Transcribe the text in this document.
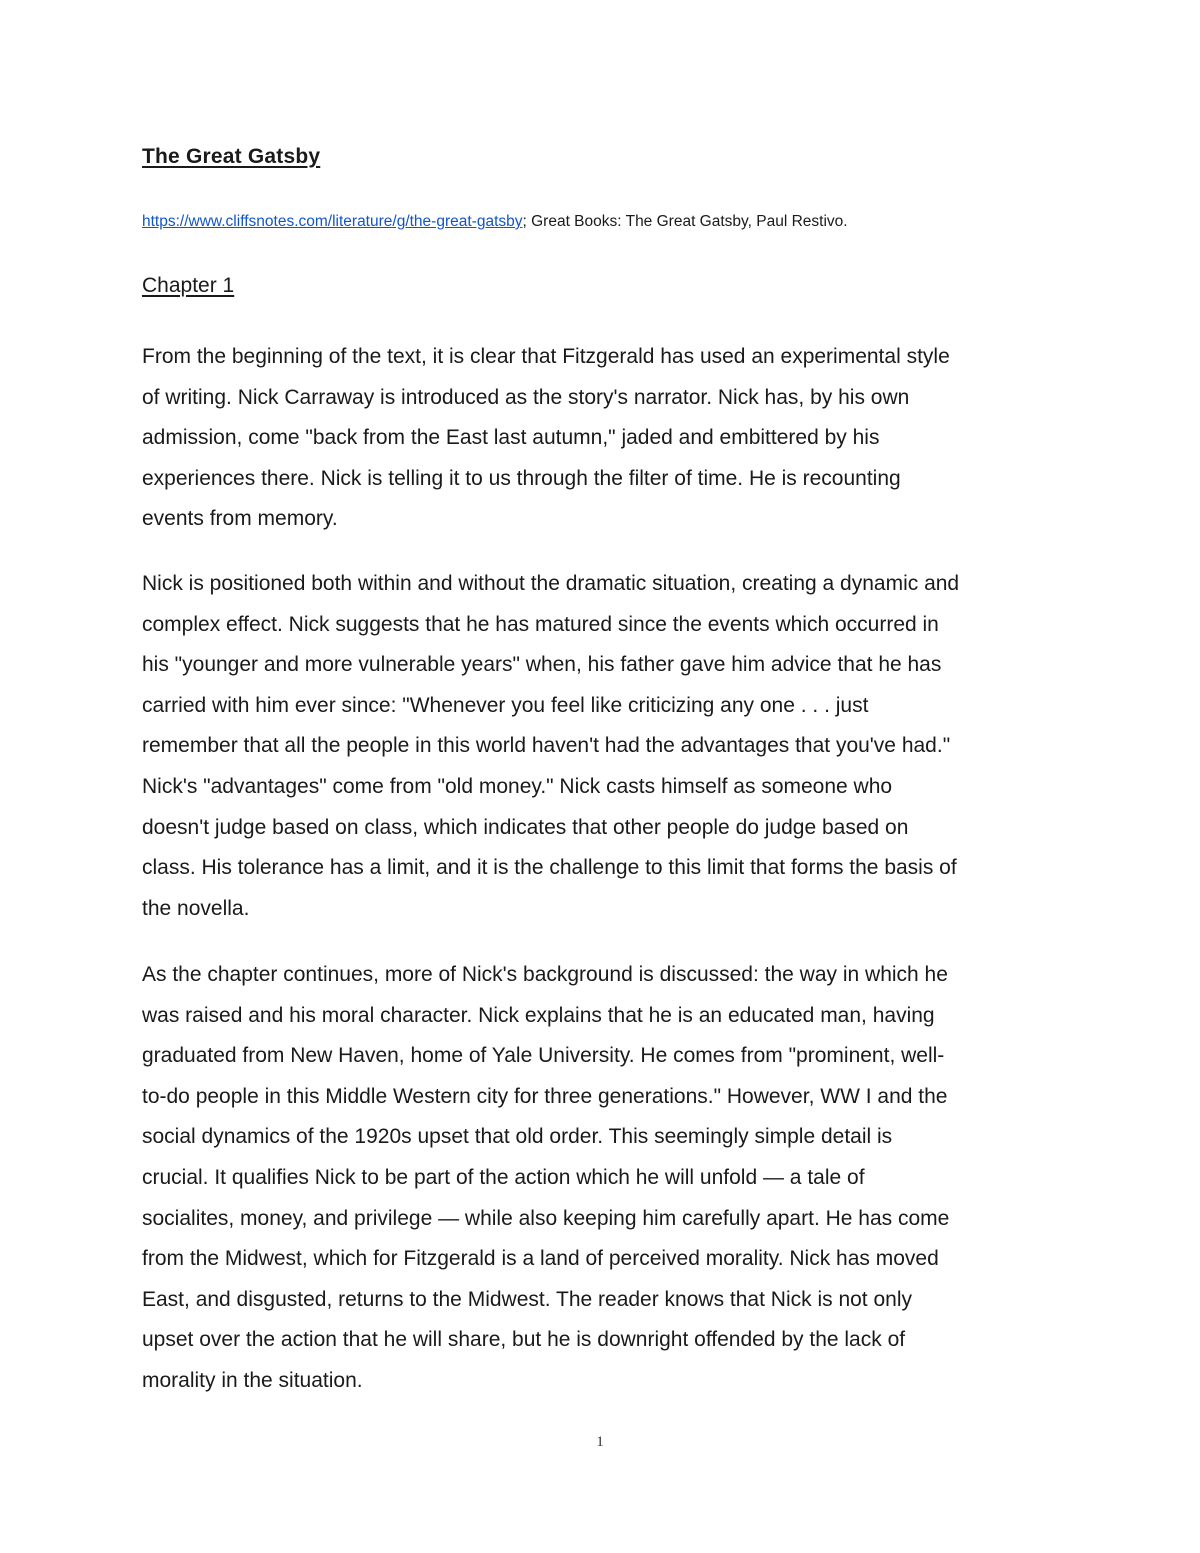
The Great Gatsby
https://www.cliffsnotes.com/literature/g/the-great-gatsby; Great Books: The Great Gatsby, Paul Restivo.
Chapter 1
From the beginning of the text, it is clear that Fitzgerald has used an experimental style
of writing. Nick Carraway is introduced as the story's narrator. Nick has, by his own
admission, come "back from the East last autumn," jaded and embittered by his
experiences there. Nick is telling it to us through the filter of time. He is recounting
events from memory.
Nick is positioned both within and without the dramatic situation, creating a dynamic and
complex effect. Nick suggests that he has matured since the events which occurred in
his "younger and more vulnerable years" when, his father gave him advice that he has
carried with him ever since: "Whenever you feel like criticizing any one . . . just
remember that all the people in this world haven't had the advantages that you've had."
Nick's "advantages" come from "old money." Nick casts himself as someone who
doesn't judge based on class, which indicates that other people do judge based on
class. His tolerance has a limit, and it is the challenge to this limit that forms the basis of
the novella.
As the chapter continues, more of Nick's background is discussed: the way in which he
was raised and his moral character. Nick explains that he is an educated man, having
graduated from New Haven, home of Yale University. He comes from "prominent, well-
to-do people in this Middle Western city for three generations." However, WW I and the
social dynamics of the 1920s upset that old order. This seemingly simple detail is
crucial. It qualifies Nick to be part of the action which he will unfold — a tale of
socialites, money, and privilege — while also keeping him carefully apart. He has come
from the Midwest, which for Fitzgerald is a land of perceived morality. Nick has moved
East, and disgusted, returns to the Midwest. The reader knows that Nick is not only
upset over the action that he will share, but he is downright offended by the lack of
morality in the situation.
1
